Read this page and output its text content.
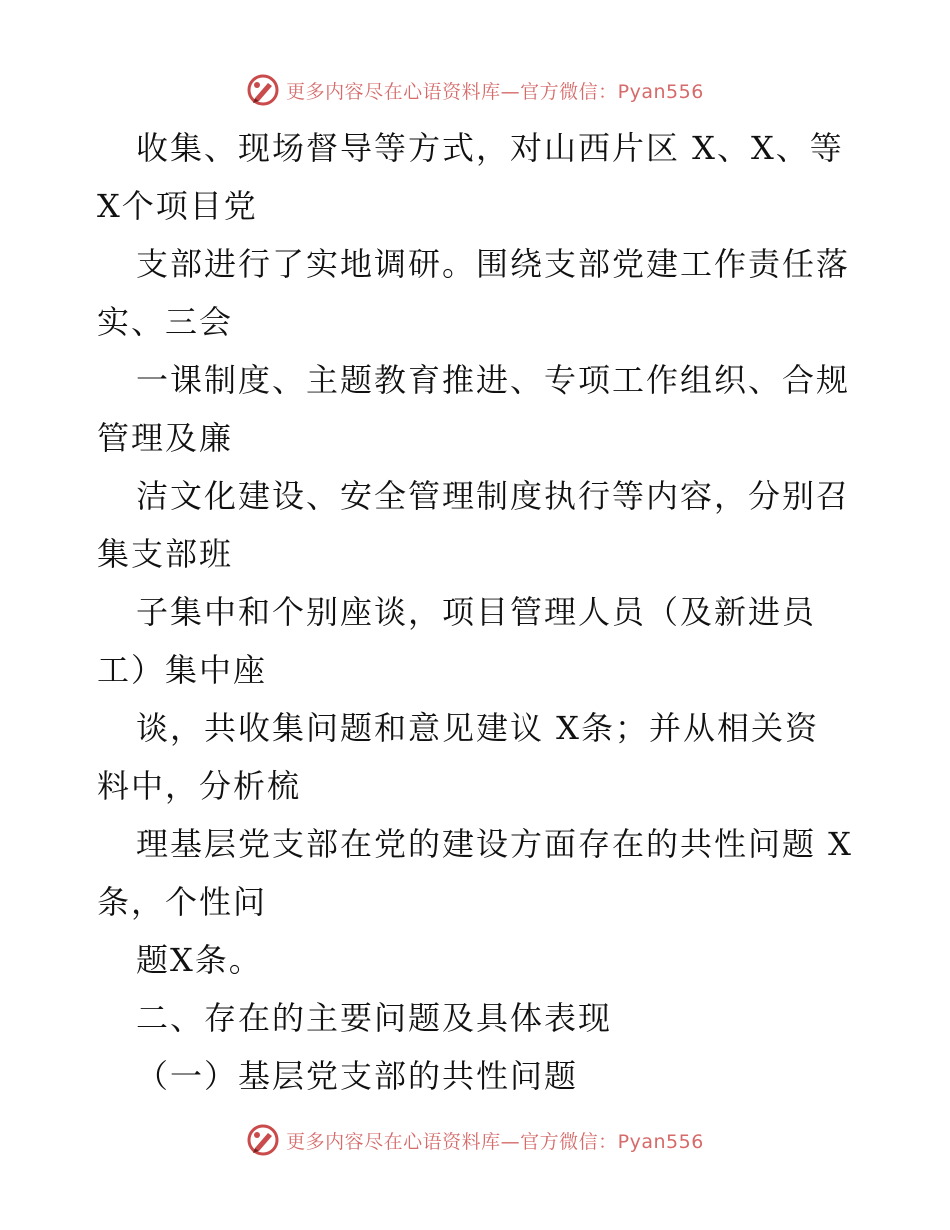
更多内容尽在心语资料库—官方微信：Pyan556
收集、现场督导等方式，对山西片区 X、X、等
X个项目党
支部进行了实地调研。围绕支部党建工作责任落
实、三会
一课制度、主题教育推进、专项工作组织、合规
管理及廉
洁文化建设、安全管理制度执行等内容，分别召
集支部班
子集中和个别座谈，项目管理人员（及新进员
工）集中座
谈，共收集问题和意见建议 X条；并从相关资
料中，分析梳
理基层党支部在党的建设方面存在的共性问题 X
条，个性问
题X条。
二、存在的主要问题及具体表现
（一）基层党支部的共性问题
更多内容尽在心语资料库—官方微信：Pyan556
